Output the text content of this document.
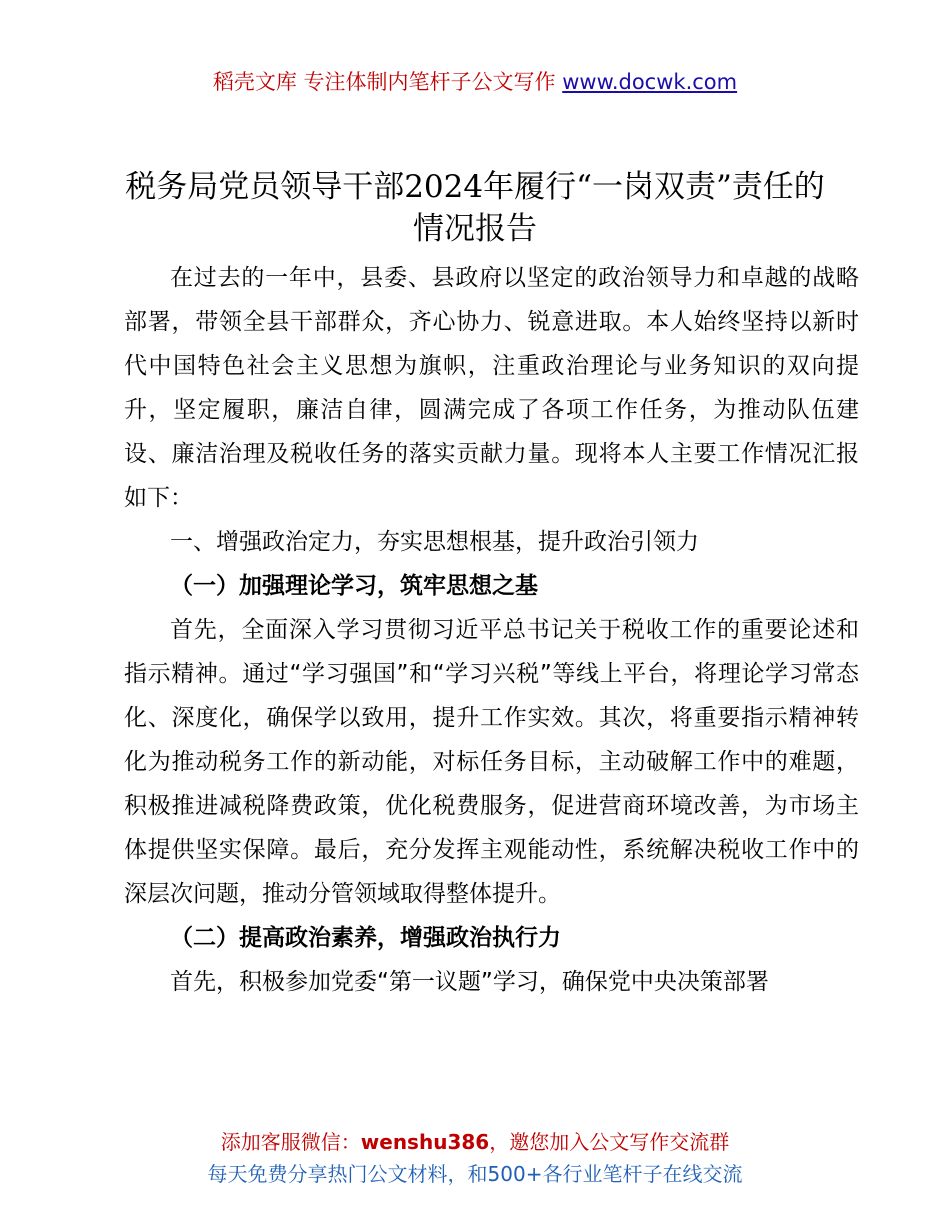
稻壳文库 专注体制内笔杆子公文写作 www.docwk.com
税务局党员领导干部2024年履行“一岗双责”责任的情况报告

在过去的一年中，县委、县政府以坚定的政治领导力和卓越的战略部署，带领全县干部群众，齐心协力、锐意进取。本人始终坚持以新时代中国特色社会主义思想为旗帜，注重政治理论与业务知识的双向提升，坚定履职，廉洁自律，圆满完成了各项工作任务，为推动队伍建设、廉洁治理及税收任务的落实贡献力量。现将本人主要工作情况汇报如下：

一、增强政治定力，夯实思想根基，提升政治引领力

（一）加强理论学习，筑牢思想之基

首先，全面深入学习贯彻习近平总书记关于税收工作的重要论述和指示精神。通过“学习强国”和“学习兴税”等线上平台，将理论学习常态化、深度化，确保学以致用，提升工作实效。其次，将重要指示精神转化为推动税务工作的新动能，对标任务目标，主动破解工作中的难题，积极推进减税降费政策，优化税费服务，促进营商环境改善，为市场主体提供坚实保障。最后，充分发挥主观能动性，系统解决税收工作中的深层次问题，推动分管领域取得整体提升。

（二）提高政治素养，增强政治执行力

首先，积极参加党委“第一议题”学习，确保党中央决策部署

添加客服微信：wenshu386，邀您加入公文写作交流群
每天免费分享热门公文材料，和500+各行业笔杆子在线交流
